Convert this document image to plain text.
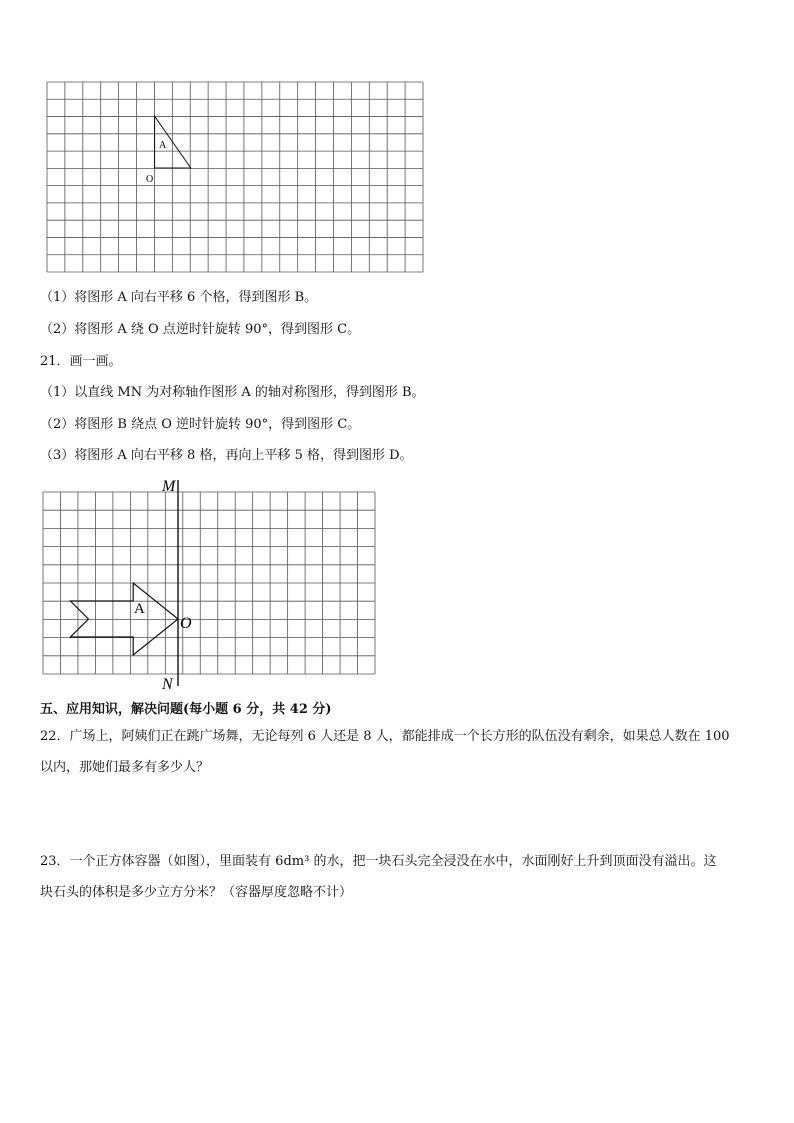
A
O
（1）将图形 A 向右平移 6 个格，得到图形 B。
（2）将图形 A 绕 O 点逆时针旋转 90°，得到图形 C。
21．画一画。
（1）以直线 MN 为对称轴作图形 A 的轴对称图形，得到图形 B。
（2）将图形 B 绕点 O 逆时针旋转 90°，得到图形 C。
（3）将图形 A 向右平移 8 格，再向上平移 5 格，得到图形 D。
M
N
O
A
五、应用知识，解决问题(每小题 6 分，共 42 分)
22．广场上，阿姨们正在跳广场舞，无论每列 6 人还是 8 人，都能排成一个长方形的队伍没有剩余，如果总人数在 100
以内，那她们最多有多少人？
23．一个正方体容器（如图），里面装有 6dm³ 的水，把一块石头完全浸没在水中，水面刚好上升到顶面没有溢出。这
块石头的体积是多少立方分米？（容器厚度忽略不计）
